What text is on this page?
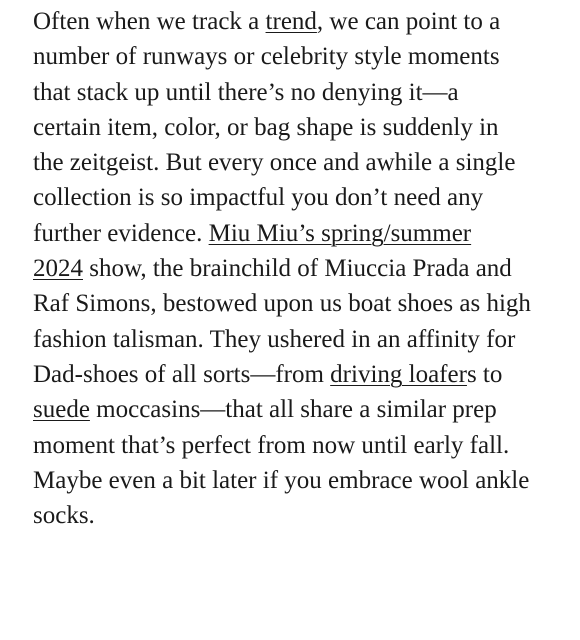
Often when we track a trend, we can point to a
number of runways or celebrity style moments
that stack up until there’s no denying it—a
certain item, color, or bag shape is suddenly in
the zeitgeist. But every once and awhile a single
collection is so impactful you don’t need any
further evidence. Miu Miu’s spring/summer
2024 show, the brainchild of Miuccia Prada and
Raf Simons, bestowed upon us boat shoes as high
fashion talisman. They ushered in an affinity for
Dad-shoes of all sorts—from driving loafers to
suede moccasins—that all share a similar prep
moment that’s perfect from now until early fall.
Maybe even a bit later if you embrace wool ankle
socks.
